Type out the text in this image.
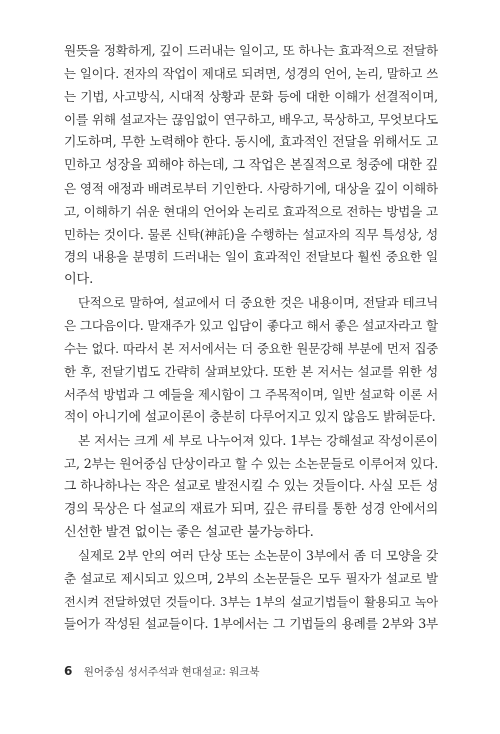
원뜻을 정확하게, 깊이 드러내는 일이고, 또 하나는 효과적으로 전달하
는 일이다. 전자의 작업이 제대로 되려면, 성경의 언어, 논리, 말하고 쓰
는 기법, 사고방식, 시대적 상황과 문화 등에 대한 이해가 선결적이며,
이를 위해 설교자는 끊임없이 연구하고, 배우고, 묵상하고, 무엇보다도
기도하며, 무한 노력해야 한다. 동시에, 효과적인 전달을 위해서도 고
민하고 성장을 꾀해야 하는데, 그 작업은 본질적으로 청중에 대한 깊
은 영적 애정과 배려로부터 기인한다. 사랑하기에, 대상을 깊이 이해하
고, 이해하기 쉬운 현대의 언어와 논리로 효과적으로 전하는 방법을 고
민하는 것이다. 물론 신탁(神託)을 수행하는 설교자의 직무 특성상, 성
경의 내용을 분명히 드러내는 일이 효과적인 전달보다 훨씬 중요한 일
이다.
단적으로 말하여, 설교에서 더 중요한 것은 내용이며, 전달과 테크닉
은 그다음이다. 말재주가 있고 입담이 좋다고 해서 좋은 설교자라고 할
수는 없다. 따라서 본 저서에서는 더 중요한 원문강해 부분에 먼저 집중
한 후, 전달기법도 간략히 살펴보았다. 또한 본 저서는 설교를 위한 성
서주석 방법과 그 예들을 제시함이 그 주목적이며, 일반 설교학 이론 서
적이 아니기에 설교이론이 충분히 다루어지고 있지 않음도 밝혀둔다.
본 저서는 크게 세 부로 나누어져 있다. 1부는 강해설교 작성이론이
고, 2부는 원어중심 단상이라고 할 수 있는 소논문들로 이루어져 있다.
그 하나하나는 작은 설교로 발전시킬 수 있는 것들이다. 사실 모든 성
경의 묵상은 다 설교의 재료가 되며, 깊은 큐티를 통한 성경 안에서의
신선한 발견 없이는 좋은 설교란 불가능하다.
실제로 2부 안의 여러 단상 또는 소논문이 3부에서 좀 더 모양을 갖
춘 설교로 제시되고 있으며, 2부의 소논문들은 모두 필자가 설교로 발
전시켜 전달하였던 것들이다. 3부는 1부의 설교기법들이 활용되고 녹아
들어가 작성된 설교들이다. 1부에서는 그 기법들의 용례를 2부와 3부
6 원어중심 성서주석과 현대설교: 워크북
